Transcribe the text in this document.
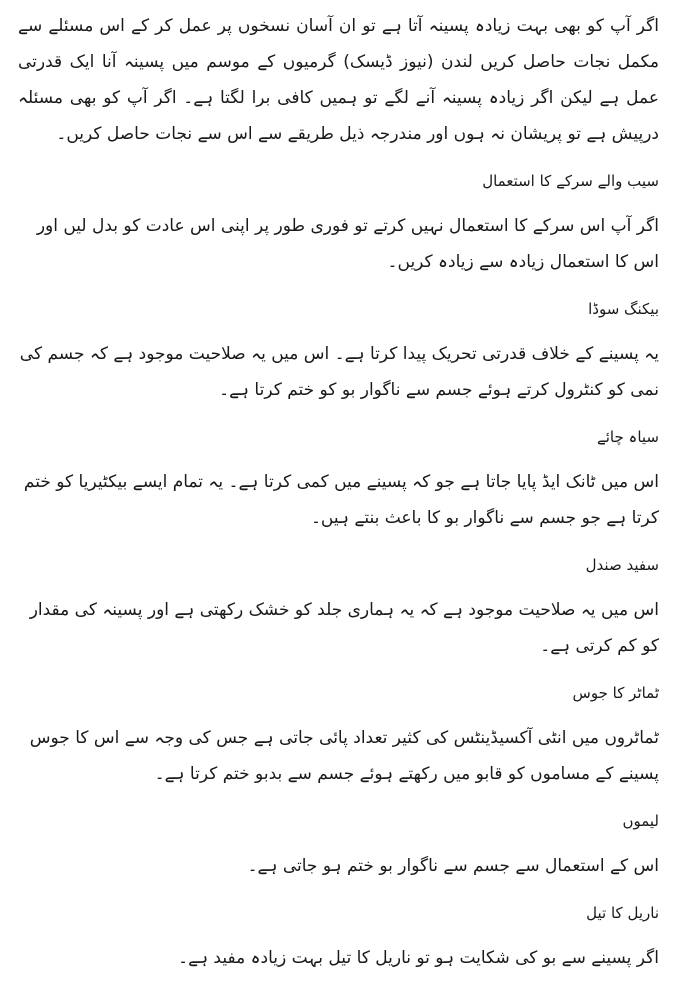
اگر آپ کو بھی بہت زیادہ پسینہ آتا ہے تو ان آسان نسخوں پر عمل کر کے اس مسئلے سے مکمل نجات حاصل کریں لندن (نیوز ڈیسک) گرمیوں کے موسم میں پسینہ آنا ایک قدرتی عمل ہے لیکن اگر زیادہ پسینہ آنے لگے تو ہمیں کافی برا لگتا ہے۔ اگر آپ کو بھی مسئلہ درپیش ہے تو پریشان نہ ہوں اور مندرجہ ذیل طریقے سے اس سے نجات حاصل کریں۔

سیب والے سرکے کا استعمال

اگر آپ اس سرکے کا استعمال نہیں کرتے تو فوری طور پر اپنی اس عادت کو بدل لیں اور اس کا استعمال زیادہ سے زیادہ کریں۔

بیکنگ سوڈا

یہ پسینے کے خلاف قدرتی تحریک پیدا کرتا ہے۔ اس میں یہ صلاحیت موجود ہے کہ جسم کی نمی کو کنٹرول کرتے ہوئے جسم سے ناگوار بو کو ختم کرتا ہے۔

سیاہ چائے

اس میں ٹانک ایڈ پایا جاتا ہے جو کہ پسینے میں کمی کرتا ہے۔ یہ تمام ایسے بیکٹیریا کو ختم کرتا ہے جو جسم سے ناگوار بو کا باعث بنتے ہیں۔

سفید صندل

اس میں یہ صلاحیت موجود ہے کہ یہ ہماری جلد کو خشک رکھتی ہے اور پسینہ کی مقدار کو کم کرتی ہے۔

ٹماٹر کا جوس

ٹماٹروں میں انٹی آکسیڈینٹس کی کثیر تعداد پائی جاتی ہے جس کی وجہ سے اس کا جوس پسینے کے مساموں کو قابو میں رکھتے ہوئے جسم سے بدبو ختم کرتا ہے۔

لیموں

اس کے استعمال سے جسم سے ناگوار بو ختم ہو جاتی ہے۔

ناریل کا تیل

اگر پسینے سے بو کی شکایت ہو تو ناریل کا تیل بہت زیادہ مفید ہے۔
